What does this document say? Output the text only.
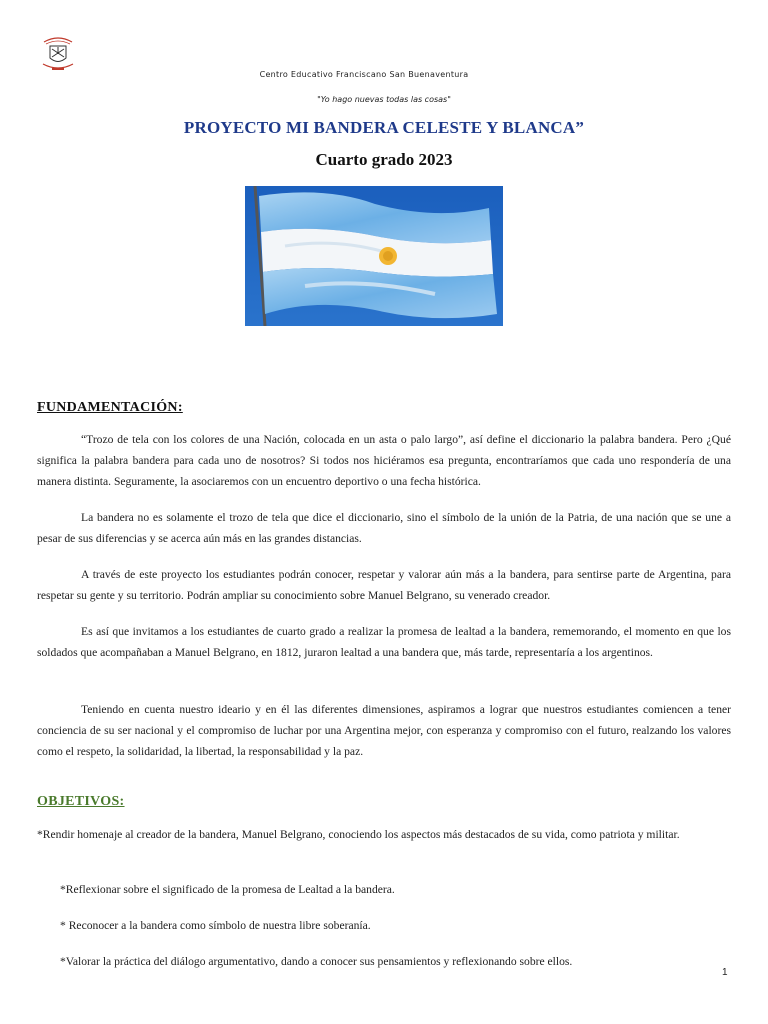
Centro Educativo Franciscano San Buenaventura
"Yo hago nuevas todas las cosas"
PROYECTO MI BANDERA CELESTE Y BLANCA”
Cuarto grado 2023
FUNDAMENTACIÓN:
“Trozo de tela con los colores de una Nación, colocada en un asta o palo largo”, así define el diccionario la palabra bandera. Pero ¿Qué significa la palabra bandera para cada uno de nosotros? Si todos nos hiciéramos esa pregunta, encontraríamos que cada uno respondería de una manera distinta. Seguramente, la asociaremos con un encuentro deportivo o una fecha histórica.
La bandera no es solamente el trozo de tela que dice el diccionario, sino el símbolo de la unión de la Patria, de una nación que se une a pesar de sus diferencias y se acerca aún más en las grandes distancias.
A través de este proyecto los estudiantes podrán conocer, respetar y valorar aún más a la bandera, para sentirse parte de Argentina, para respetar su gente y su territorio. Podrán ampliar su conocimiento sobre Manuel Belgrano, su venerado creador.
Es así que invitamos a los estudiantes de cuarto grado a realizar la promesa de lealtad a la bandera, rememorando, el momento en que los soldados que acompañaban a Manuel Belgrano, en 1812, juraron lealtad a una bandera que, más tarde, representaría a los argentinos.
Teniendo en cuenta nuestro ideario y en él las diferentes dimensiones, aspiramos a lograr que nuestros estudiantes comiencen a tener conciencia de su ser nacional y el compromiso de luchar por una Argentina mejor, con esperanza y compromiso con el futuro, realzando los valores como el respeto, la solidaridad, la libertad, la responsabilidad y la paz.
OBJETIVOS:
*Rendir homenaje al creador de la bandera, Manuel Belgrano, conociendo los aspectos más destacados de su vida, como patriota y militar.
*Reflexionar sobre el significado de la promesa de Lealtad a la bandera.
* Reconocer a la bandera como símbolo de nuestra libre soberanía.
*Valorar la práctica del diálogo argumentativo, dando a conocer sus pensamientos y reflexionando sobre ellos.
1
